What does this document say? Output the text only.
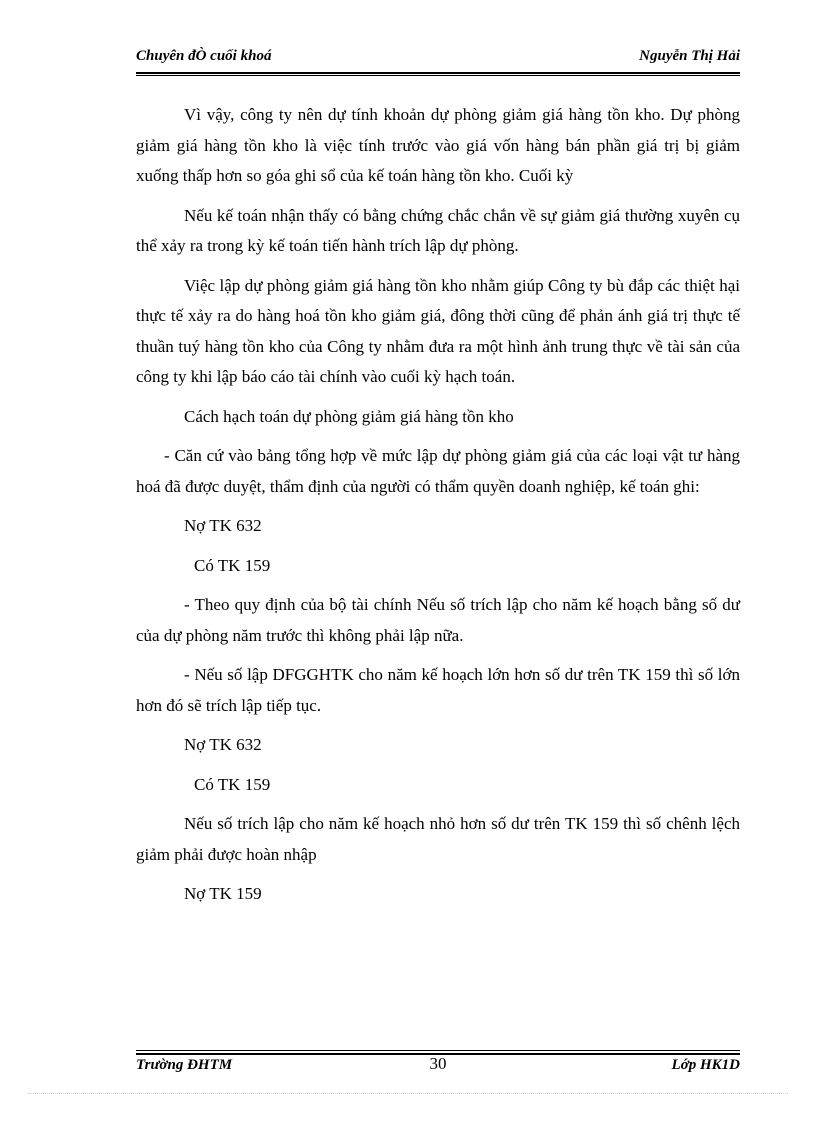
Chuyên đÒ cuối khoá	Nguyễn Thị Hải

Vì vậy, công ty nên dự tính khoản dự phòng giảm giá hàng tồn kho. Dự phòng giảm giá hàng tồn kho là việc tính trước vào giá vốn hàng bán phần giá trị bị giảm xuống thấp hơn so góa ghi sổ của kế toán hàng tồn kho. Cuối kỳ

Nếu kế toán nhận thấy có bằng chứng chắc chắn về sự giảm giá thường xuyên cụ thể xảy ra trong kỳ kế toán tiến hành trích lập dự phòng.

Việc lập dự phòng giảm giá hàng tồn kho nhằm giúp Công ty bù đắp các thiệt hại thực tế xảy ra do hàng hoá tồn kho giảm giá, đông thời cũng để phản ánh giá trị thực tế thuần tuý hàng tồn kho của Công ty nhằm đưa ra một hình ảnh trung thực về tài sản của công ty khi lập báo cáo tài chính vào cuối kỳ hạch toán.

Cách hạch toán dự phòng giảm giá hàng tồn kho

- Căn cứ vào bảng tổng hợp về mức lập dự phòng giảm giá của các loại vật tư hàng hoá đã được duyệt, thẩm định của người có thẩm quyền doanh nghiệp, kế toán ghi:

Nợ TK 632

Có TK 159

- Theo quy định của bộ tài chính Nếu số trích lập cho năm kế hoạch bằng số dư của dự phòng năm trước thì không phải lập nữa.

- Nếu số lập DFGGHTK cho năm kế hoạch lớn hơn số dư trên TK 159 thì số lớn hơn đó sẽ trích lập tiếp tục.

Nợ TK 632

Có TK 159

Nếu số trích lập cho năm kế hoạch nhỏ hơn số dư trên TK 159 thì số chênh lệch giảm phải được hoàn nhập

Nợ TK 159

Trường ĐHTM	30	Lớp HK1D
